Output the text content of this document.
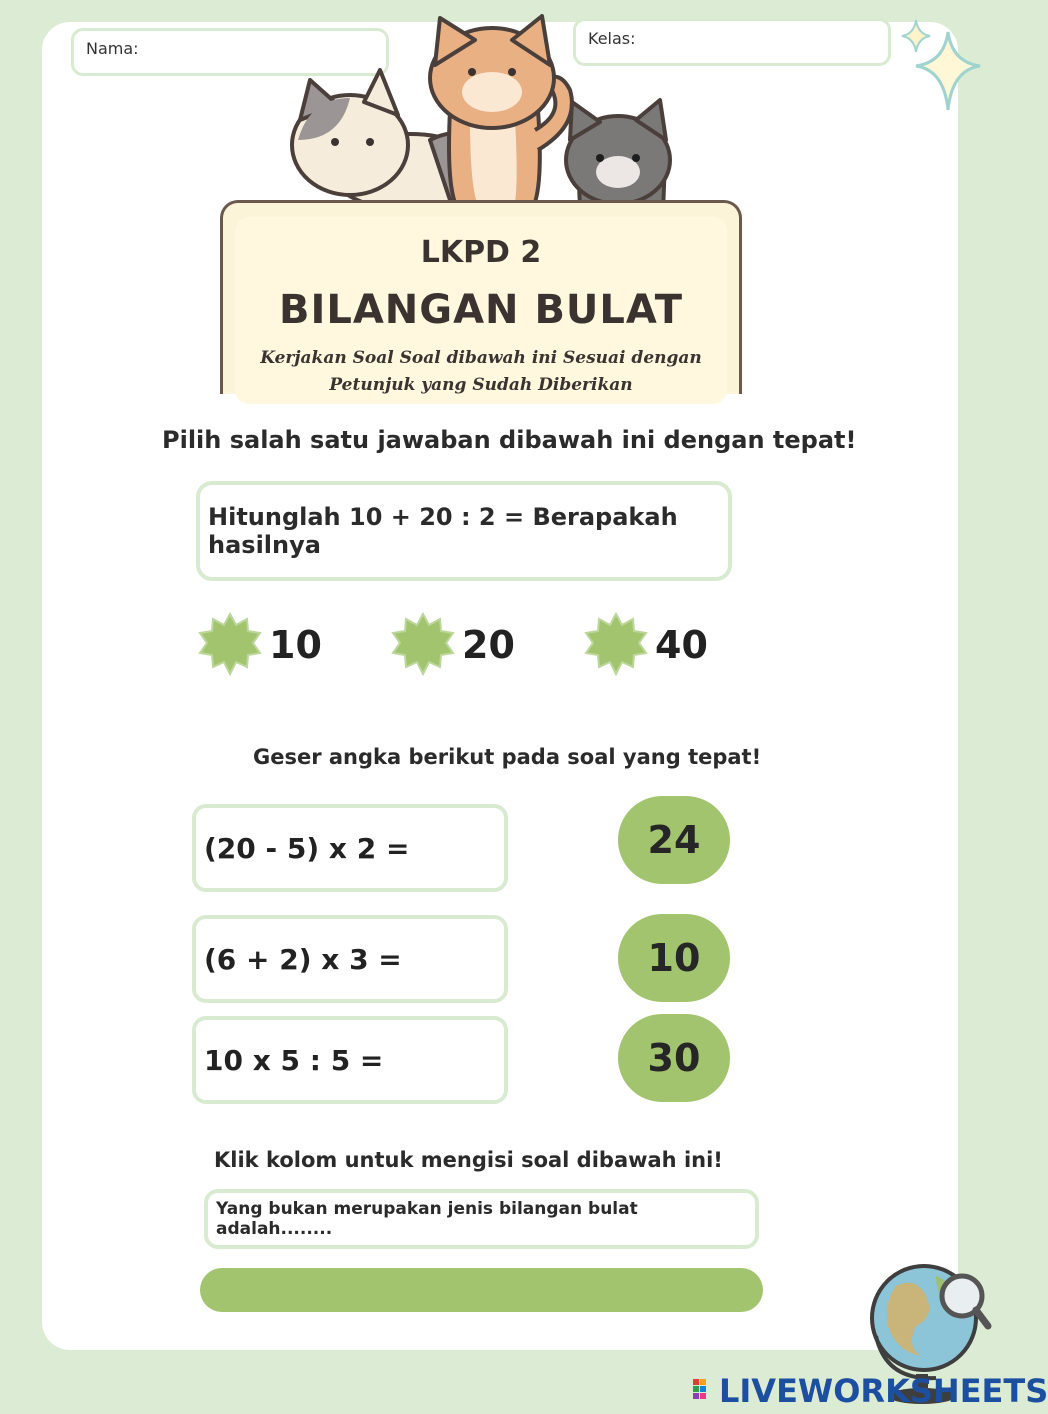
Nama:
Kelas:
LKPD 2
BILANGAN BULAT
Kerjakan Soal Soal dibawah ini Sesuai dengan
Petunjuk yang Sudah Diberikan
Pilih salah satu jawaban dibawah ini dengan tepat!
Hitunglah 10 + 20 : 2 = Berapakah hasilnya
10	20	40
Geser angka berikut pada soal yang tepat!
(20 - 5) x 2 =
(6 + 2) x 3 =
10 x 5 : 5 =
24
10
30
Klik kolom untuk mengisi soal dibawah ini!
Yang bukan merupakan jenis bilangan bulat adalah........
LIVEWORKSHEETS
